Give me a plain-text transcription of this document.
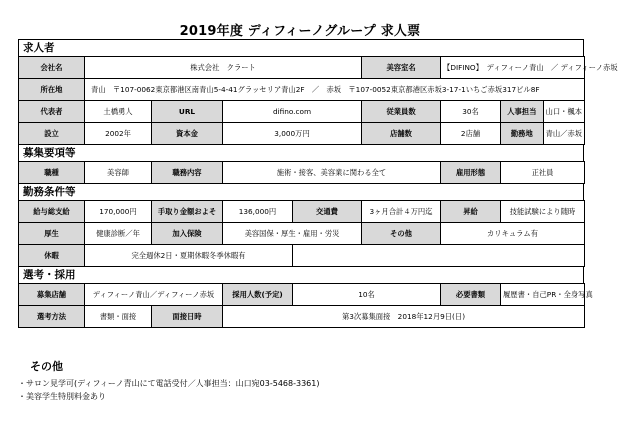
2019年度 ディフィーノグループ 求人票
求人者
会社名	株式会社　クラート	美容室名	【DIFINO】　ディフィーノ青山　／ ディフィーノ赤坂
所在地	青山　〒107-0062東京都港区南青山5-4-41グラッセリア青山2F　／　赤坂　〒107-0052東京都港区赤坂3-17-1いちご赤坂317ビル8F
代表者	土橋勇人	URL	difino.com	従業員数	30名		人事担当	山口・楓本

設立	2002年	資本金	3,000万円	店舗数	2店舗		勤務地	青山／赤坂
募集要項等
職種	美容師	職務内容	施術・接客、美容業に関わる全て	雇用形態	正社員
勤務条件等
給与総支給	170,000円	手取り金額およそ	136,000円	交通費	3ヶ月合計４万円迄	昇給	技能試験により随時
厚生	健康診断／年	加入保険	美容国保・厚生・雇用・労災		その他	カリキュラム有	
休暇	完全週休2日・夏期休暇冬季休暇有						
選考・採用
募集店舗	ディフィーノ青山／ディフィーノ赤坂		採用人数(予定)	10名	必要書類	履歴書・自己PR・全身写真
選考方法	書類・面接	面接日時	第3次募集面接　2018年12月9日(日)			
その他
・サロン見学可(ディフィーノ青山にて電話受付／人事担当：山口宛03-5468-3361)
・美容学生特別料金あり
